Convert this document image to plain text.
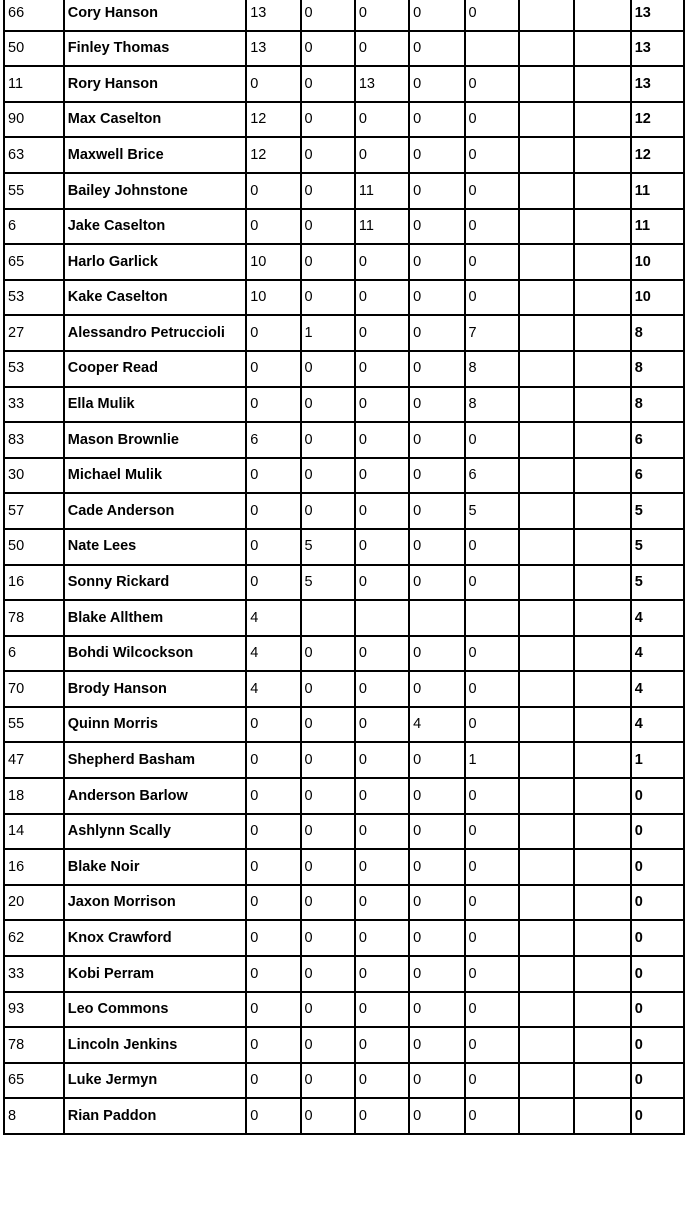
66	Cory Hanson	13	0	0	0	0			13
50	Finley Thomas	13	0	0	0				13
11	Rory Hanson	0	0	13	0	0			13
90	Max Caselton	12	0	0	0	0			12
63	Maxwell Brice	12	0	0	0	0			12
55	Bailey Johnstone	0	0	11	0	0			11
6	Jake Caselton	0	0	11	0	0			11
65	Harlo Garlick	10	0	0	0	0			10
53	Kake Caselton	10	0	0	0	0			10
27	Alessandro Petruccioli	0	1	0	0	7			8
53	Cooper Read	0	0	0	0	8			8
33	Ella Mulik	0	0	0	0	8			8
83	Mason Brownlie	6	0	0	0	0			6
30	Michael Mulik	0	0	0	0	6			6
57	Cade Anderson	0	0	0	0	5			5
50	Nate Lees	0	5	0	0	0			5
16	Sonny Rickard	0	5	0	0	0			5
78	Blake Allthem	4							4
6	Bohdi Wilcockson	4	0	0	0	0			4
70	Brody Hanson	4	0	0	0	0			4
55	Quinn Morris	0	0	0	4	0			4
47	Shepherd Basham	0	0	0	0	1			1
18	Anderson Barlow	0	0	0	0	0			0
14	Ashlynn Scally	0	0	0	0	0			0
16	Blake Noir	0	0	0	0	0			0
20	Jaxon Morrison	0	0	0	0	0			0
62	Knox Crawford	0	0	0	0	0			0
33	Kobi Perram	0	0	0	0	0			0
93	Leo Commons	0	0	0	0	0			0
78	Lincoln Jenkins	0	0	0	0	0			0
65	Luke Jermyn	0	0	0	0	0			0
8	Rian Paddon	0	0	0	0	0			0
